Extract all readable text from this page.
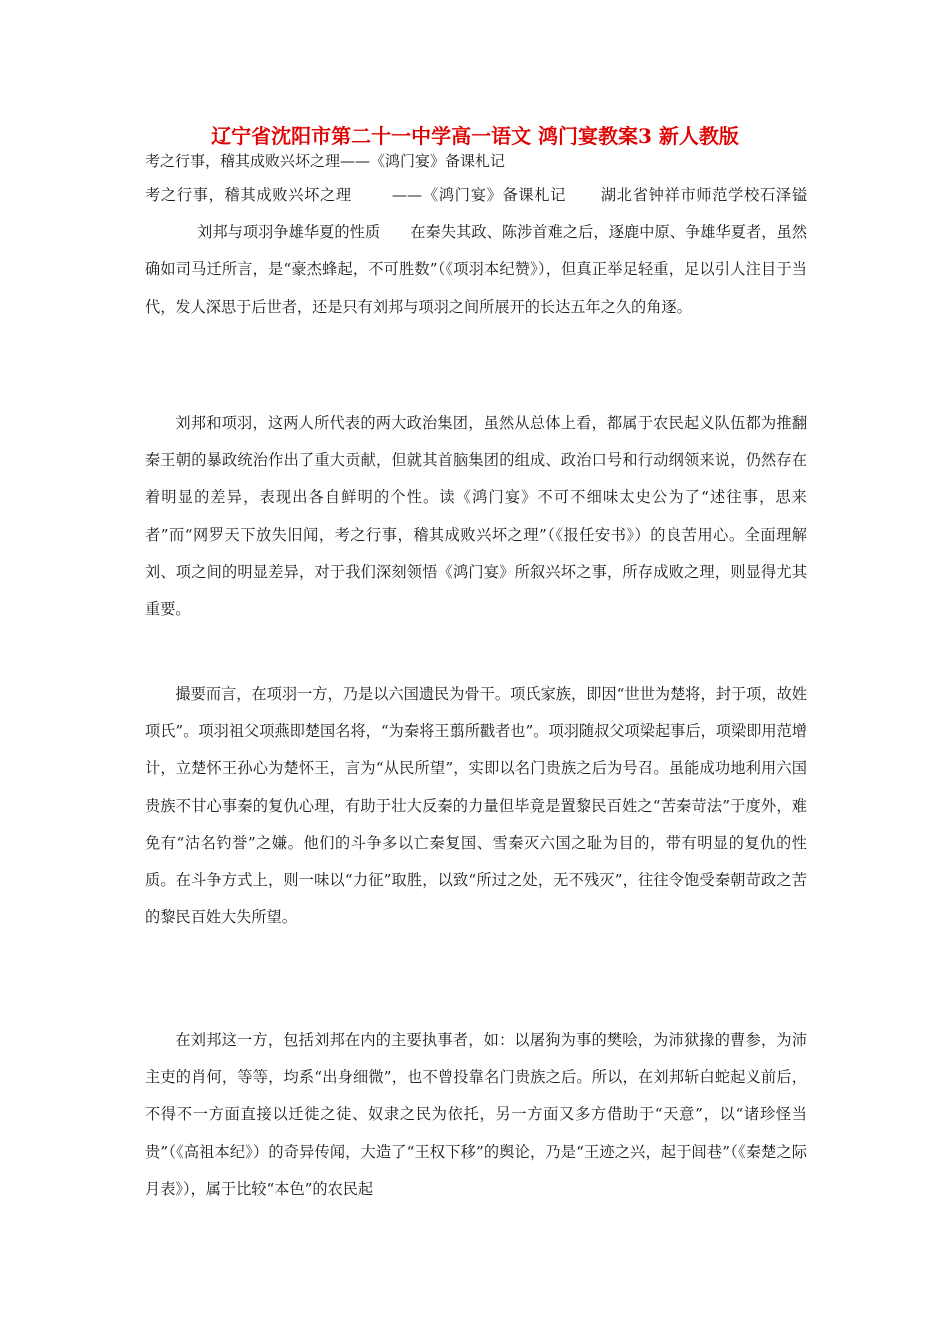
辽宁省沈阳市第二十一中学高一语文 鸿门宴教案3 新人教版
考之行事，稽其成败兴坏之理——《鸿门宴》备课札记

考之行事，稽其成败兴坏之理	——《鸿门宴》备课札记 湖北省钟祥市师范学校石泽镒刘邦与项羽争雄华夏的性质 在秦失其政、陈涉首难之后，逐鹿中原、争雄华夏者，虽然确如司马迁所言，是“豪杰蜂起，不可胜数”（《项羽本纪赞》），但真正举足轻重，足以引人注目于当代，发人深思于后世者，还是只有刘邦与项羽之间所展开的长达五年之久的角逐。

刘邦和项羽，这两人所代表的两大政治集团，虽然从总体上看，都属于农民起义队伍都为推翻秦王朝的暴政统治作出了重大贡献，但就其首脑集团的组成、政治口号和行动纲领来说，仍然存在着明显的差异，表现出各自鲜明的个性。读《鸿门宴》不可不细味太史公为了“述往事，思来者”而“网罗天下放失旧闻，考之行事，稽其成败兴坏之理”（《报任安书》）的良苦用心。全面理解刘、项之间的明显差异，对于我们深刻领悟《鸿门宴》所叙兴坏之事，所存成败之理，则显得尤其重要。

撮要而言，在项羽一方，乃是以六国遗民为骨干。项氏家族，即因“世世为楚将，封于项，故姓项氏”。项羽祖父项燕即楚国名将，“为秦将王翦所戳者也”。项羽随叔父项梁起事后，项梁即用范增计，立楚怀王孙心为楚怀王，言为“从民所望”，实即以名门贵族之后为号召。虽能成功地利用六国贵族不甘心事秦的复仇心理，有助于壮大反秦的力量但毕竟是置黎民百姓之“苦秦苛法”于度外，难免有“沽名钓誉”之嫌。他们的斗争多以亡秦复国、雪秦灭六国之耻为目的，带有明显的复仇的性质。在斗争方式上，则一味以“力征”取胜，以致“所过之处，无不残灭”，往往令饱受秦朝苛政之苦的黎民百姓大失所望。

在刘邦这一方，包括刘邦在内的主要执事者，如：以屠狗为事的樊哙，为沛狱掾的曹参，为沛主吏的肖何，等等，均系“出身细微”，也不曾投靠名门贵族之后。所以，在刘邦斩白蛇起义前后，不得不一方面直接以迁徙之徒、奴隶之民为依托，另一方面又多方借助于“天意”，以“诸珍怪当贵”（《高祖本纪》）的奇异传闻，大造了“王权下移”的舆论，乃是“王迹之兴，起于闾巷”（《秦楚之际月表》），属于比较“本色”的农民起
